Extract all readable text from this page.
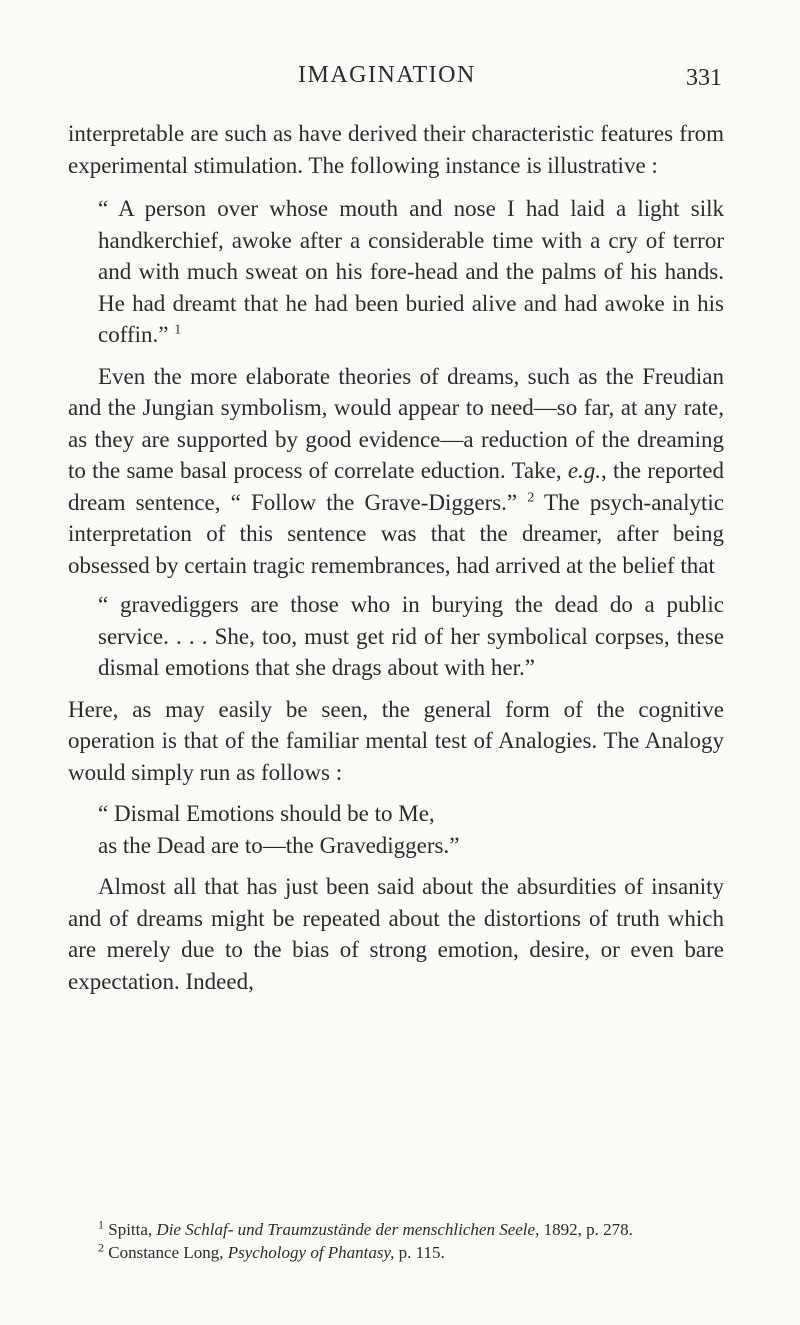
IMAGINATION	331

interpretable are such as have derived their characteristic features from experimental stimulation. The following instance is illustrative :

“ A person over whose mouth and nose I had laid a light silk handkerchief, awoke after a considerable time with a cry of terror and with much sweat on his fore-head and the palms of his hands. He had dreamt that he had been buried alive and had awoke in his coffin.” $^1$

Even the more elaborate theories of dreams, such as the Freudian and the Jungian symbolism, would appear to need—so far, at any rate, as they are supported by good evidence—a reduction of the dreaming to the same basal process of correlate eduction. Take, e.g., the reported dream sentence, “ Follow the Grave-Diggers.” $^2$ The psych-analytic interpretation of this sentence was that the dreamer, after being obsessed by certain tragic remembrances, had arrived at the belief that

“ gravediggers are those who in burying the dead do a public service. . . . She, too, must get rid of her symbolical corpses, these dismal emotions that she drags about with her.”

Here, as may easily be seen, the general form of the cognitive operation is that of the familiar mental test of Analogies. The Analogy would simply run as follows :

“ Dismal Emotions should be to Me,
as the Dead are to—the Gravediggers.”

Almost all that has just been said about the absurdities of insanity and of dreams might be repeated about the distortions of truth which are merely due to the bias of strong emotion, desire, or even bare expectation. Indeed,

$^1$ Spitta, Die Schlaf- und Traumzustände der menschlichen Seele, 1892, p. 278.

$^2$ Constance Long, Psychology of Phantasy, p. 115.
